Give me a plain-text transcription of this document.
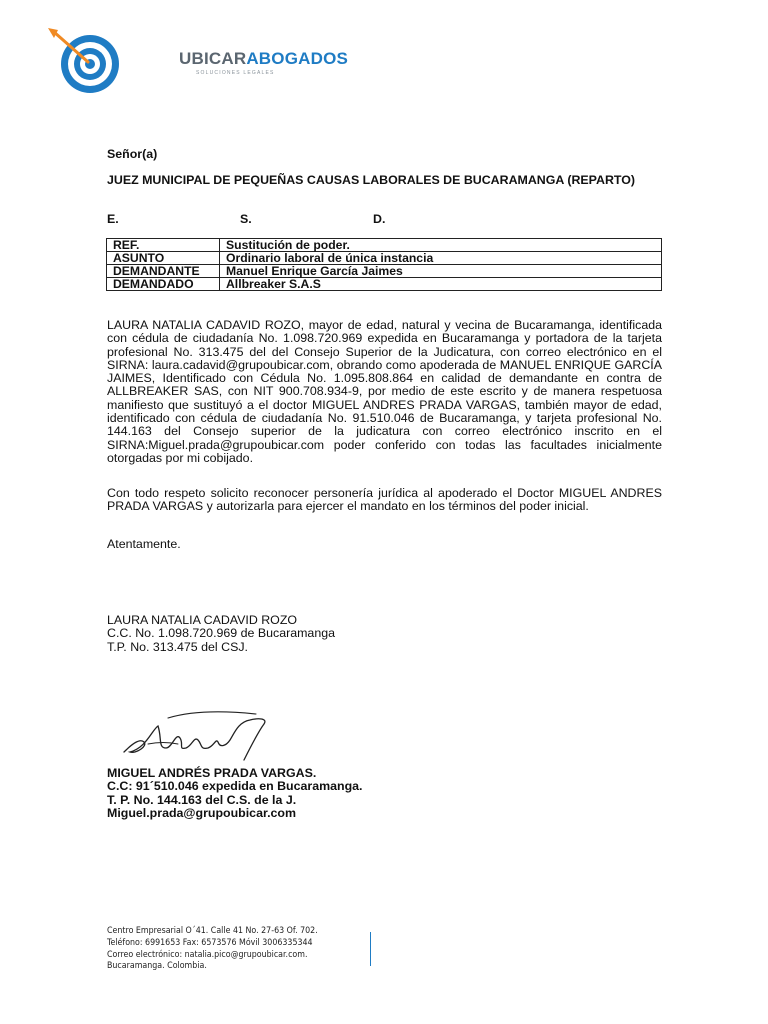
UBICARABOGADOS
SOLUCIONES LEGALES
Señor(a)
JUEZ MUNICIPAL DE PEQUEÑAS CAUSAS LABORALES DE BUCARAMANGA (REPARTO)
E.	S.	D.
REF.	Sustitución de poder.
ASUNTO	Ordinario laboral de única instancia
DEMANDANTE	Manuel Enrique García Jaimes
DEMANDADO	Allbreaker S.A.S

LAURA NATALIA CADAVID ROZO, mayor de edad, natural y vecina de Bucaramanga, identificada con cédula de ciudadanía No. 1.098.720.969 expedida en Bucaramanga y portadora de la tarjeta profesional No. 313.475 del del Consejo Superior de la Judicatura, con correo electrónico en el SIRNA: laura.cadavid@grupoubicar.com, obrando como apoderada de MANUEL ENRIQUE GARCÍA JAIMES, Identificado con Cédula No. 1.095.808.864 en calidad de demandante en contra de ALLBREAKER SAS, con NIT 900.708.934-9, por medio de este escrito y de manera respetuosa manifiesto que sustituyó a el doctor MIGUEL ANDRES PRADA VARGAS, también mayor de edad, identificado con cédula de ciudadanía No. 91.510.046 de Bucaramanga, y tarjeta profesional No. 144.163 del Consejo superior de la judicatura con correo electrónico inscrito en el SIRNA:Miguel.prada@grupoubicar.com poder conferido con todas las facultades inicialmente otorgadas por mi cobijado.

Con todo respeto solicito reconocer personería jurídica al apoderado el Doctor MIGUEL ANDRES PRADA VARGAS y autorizarla para ejercer el mandato en los términos del poder inicial.

Atentamente.
LAURA NATALIA CADAVID ROZO
C.C. No. 1.098.720.969 de Bucaramanga
T.P. No. 313.475 del CSJ.
MIGUEL ANDRÉS PRADA VARGAS.
C.C: 91´510.046 expedida en Bucaramanga.
T. P. No. 144.163 del C.S. de la J.
Miguel.prada@grupoubicar.com
Centro Empresarial O´41. Calle 41 No. 27-63 Of. 702.
Teléfono: 6991653 Fax: 6573576 Móvil 3006335344
Correo electrónico: natalia.pico@grupoubicar.com.
Bucaramanga. Colombia.
